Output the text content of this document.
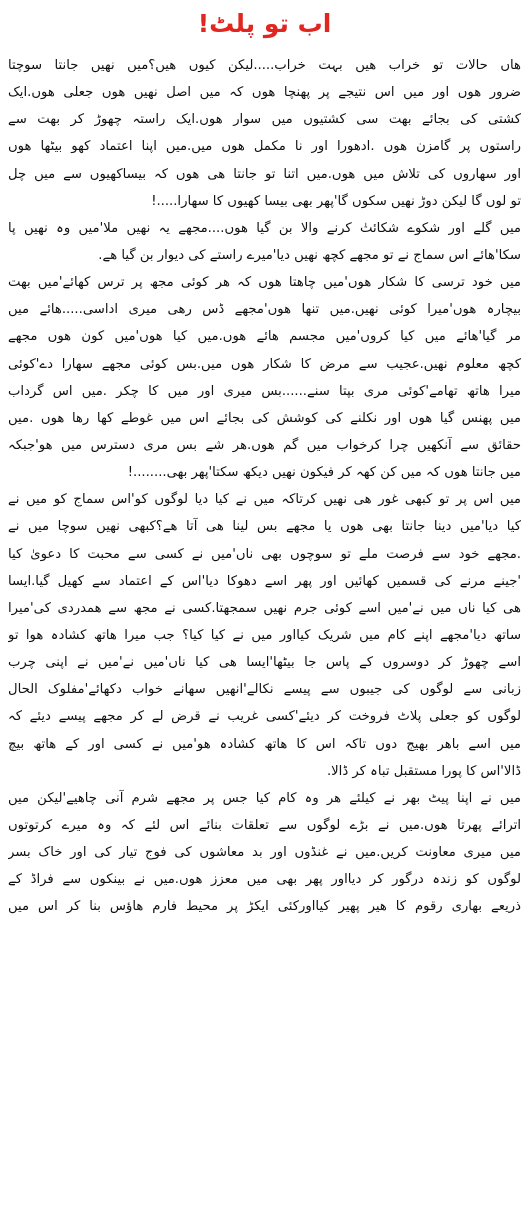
اب تو پلٹ!

ھاں حالات تو خراب ھیں بہت خراب.....لیکن کیوں ھیں؟میں نھیں جانتا سوچتا

ضرور ھوں اور میں اس نتیجے پر پھنچا ھوں کہ میں اصل نھیں ھوں جعلی ھوں.ایک

کشتی کی بجائے بھت سی کشتیوں میں سوار ھوں.ایک راستہ چھوڑ کر بھت سے

راستوں پر گامزن ھوں .ادھورا اور نا مکمل ھوں میں.میں اپنا اعتماد کھو بیٹھا ھوں

اور سھاروں کی تلاش میں ھوں.میں اتنا تو جانتا ھی ھوں کہ بیساکھیوں سے میں چل

تو لوں گا لیکن دوڑ نھیں سکوں گا'پھر بھی بیسا کھیوں کا سھارا.....!

میں گلے اور شکوے شکائتٰ کرنے والا بن گیا ھوں....مجھے یہ نھیں ملا'میں وہ نھیں پا

سکا'ھائے اس سماج نے تو مجھے کچھ نھیں دیا'میرے راستے کی دیوار بن گیا ھے.

میں خود ترسی کا شکار ھوں'میں چاھتا ھوں کہ ھر کوئی مجھ پر ترس کھائے'میں بھت

بیچارہ ھوں'میرا کوئی نھیں.میں تنھا ھوں'مجھے ڈس رھی میری اداسی.....ھائے میں

مر گیا'ھائے میں کیا کروں'میں مجسم ھائے ھوں.میں کیا ھوں'میں کون ھوں مجھے

کچھ معلوم نھیں.عجیب سے مرض کا شکار ھوں میں.بس کوئی مجھے سھارا دے'کوئی

میرا ھاتھ تھامے'کوئی مری بپتا سنے......بس میری اور میں کا چکر .میں اس گرداب

میں پھنس گیا ھوں اور نکلنے کی کوشش کی بجائے اس میں غوطے کھا رھا ھوں .میں

حقائق سے آنکھیں چرا کرخواب میں گم ھوں.ھر شے بس مری دسترس میں ھو'جبکہ

میں جانتا ھوں کہ میں کن کھہ کر فیکون نھیں دیکھ سکتا'پھر بھی........!

میں اس پر تو کبھی غور ھی نھیں کرتاکہ میں نے کیا دیا لوگوں کو'اس سماج کو میں نے

کیا دیا'میں دینا جانتا بھی ھوں یا مجھے بس لینا ھی آتا ھے؟کبھی نھیں سوچا میں نے

.مجھے خود سے فرصت ملے تو سوچوں بھی ناں'میں نے کسی سے محبت کا دعویٰ کیا

'جینے مرنے کی قسمیں کھائیں اور پھر اسے دھوکا دیا'اس کے اعتماد سے کھیل گیا.ایسا

ھی کیا ناں میں نے'میں اسے کوئی جرم نھیں سمجھتا.کسی نے مجھ سے ھمدردی کی'میرا

ساتھ دیا'مجھے اپنے کام میں شریک کیااور میں نے کیا کیا؟ جب میرا ھاتھ کشادہ ھوا تو

اسے چھوڑ کر دوسروں کے پاس جا بیٹھا'ایسا ھی کیا ناں'میں نے'میں نے اپنی چرب

زبانی سے لوگوں کی جیبوں سے پیسے نکالے'انھیں سھانے خواب دکھائے'مفلوک الحال

لوگوں کو جعلی پلاٹ فروخت کر دیئے'کسی غریب نے قرض لے کر مجھے پیسے دیئے کہ

میں اسے باھر بھیج دوں تاکہ اس کا ھاتھ کشادہ ھو'میں نے کسی اور کے ھاتھ بیچ

ڈالا'اس کا پورا مستقبل تباہ کر ڈالا.

میں نے اپنا پیٹ بھر نے کیلئے ھر وہ کام کیا جس پر مجھے شرم آنی چاھیے'لیکن میں

اترائے پھرتا ھوں.میں نے بڑے لوگوں سے تعلقات بنائے اس لئے کہ وہ میرے کرتوتوں

میں میری معاونت کریں.میں نے غنڈوں اور بد معاشوں کی فوج تیار کی اور خاک بسر

لوگوں کو زندہ درگور کر دیااور پھر بھی میں معزز ھوں.میں نے بینکوں سے فراڈ کے

ذریعے بھاری رقوم کا ھیر پھیر کیااورکئی ایکڑ پر محیط فارم ھاؤس بنا کر اس میں
